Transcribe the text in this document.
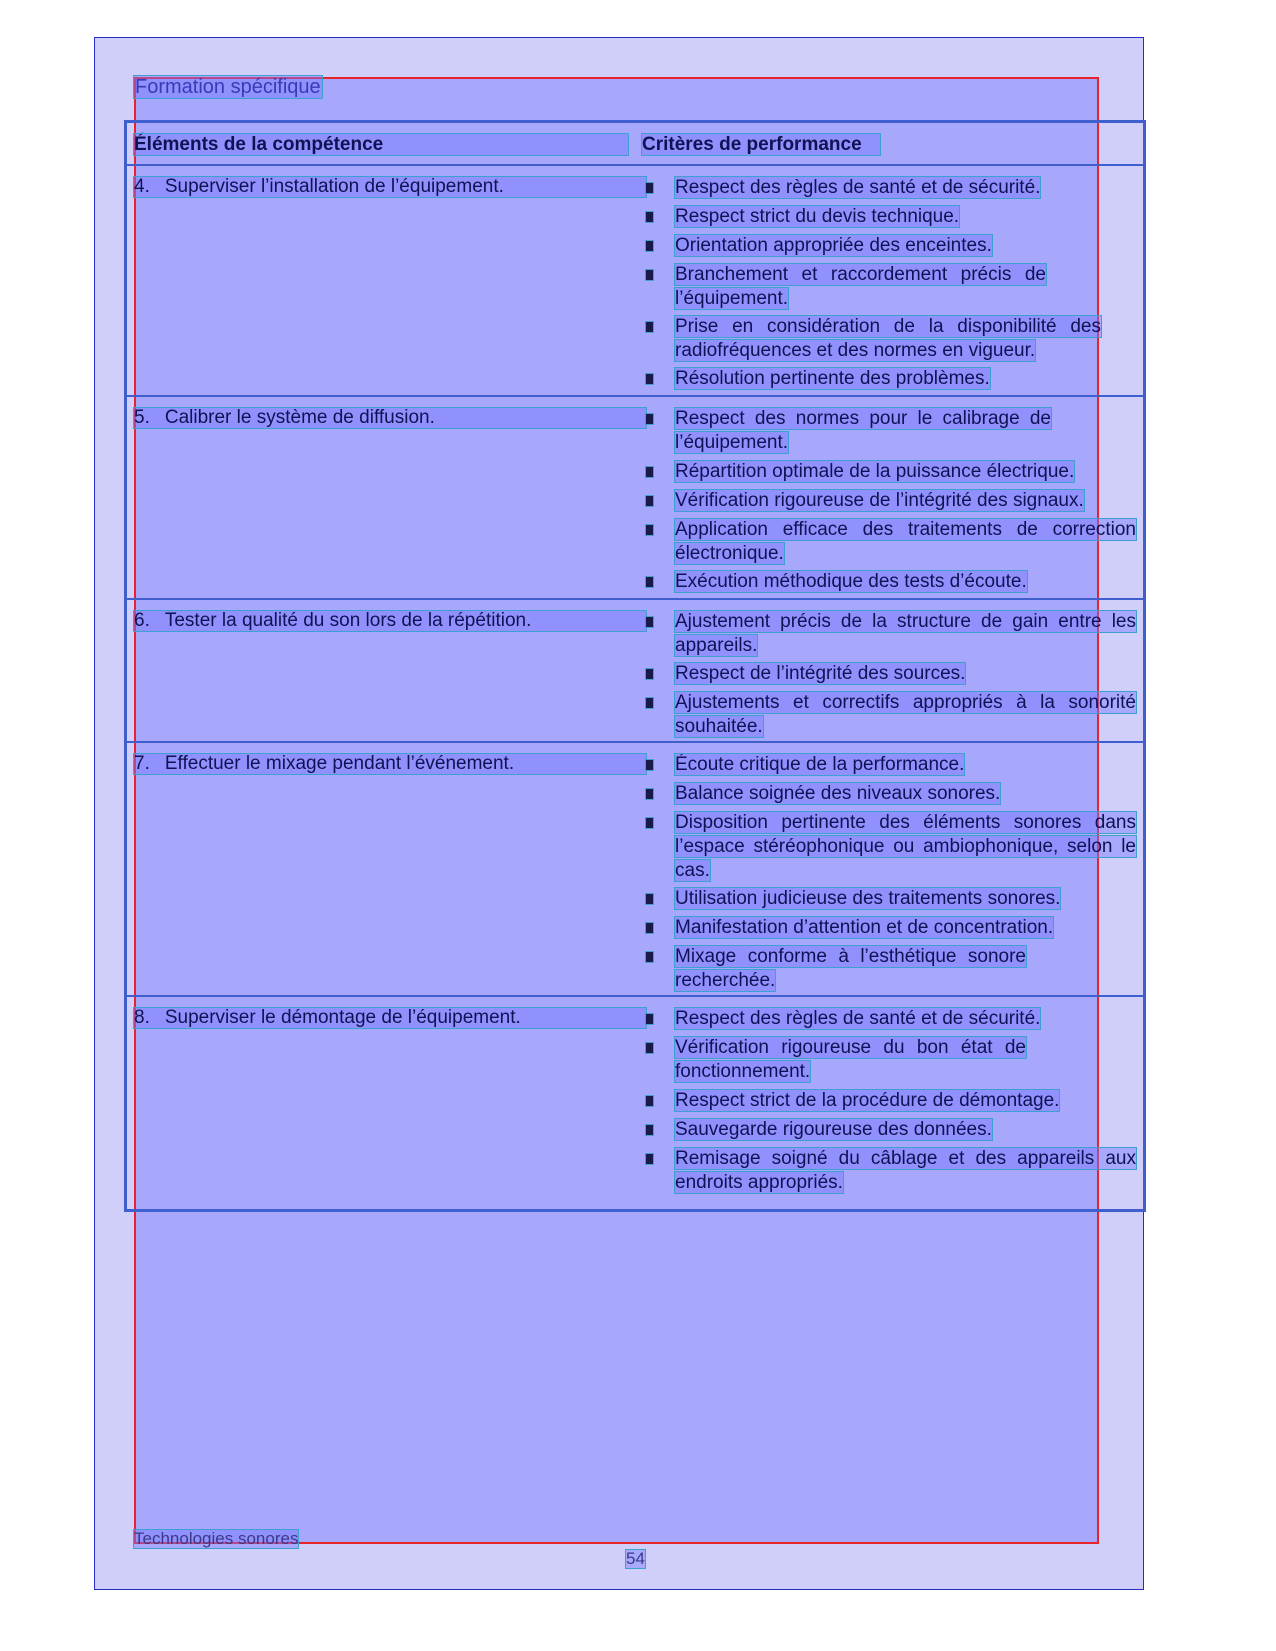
Formation spécifique
Éléments de la compétence	Critères de performance
4. Superviser l’installation de l’équipement.	Respect des règles de santé et de sécurité.
Respect strict du devis technique.
Orientation appropriée des enceintes.
Branchement et raccordement précis de l’équipement.
Prise en considération de la disponibilité des radiofréquences et des normes en vigueur.
Résolution pertinente des problèmes.
5. Calibrer le système de diffusion.	Respect des normes pour le calibrage de l’équipement.
Répartition optimale de la puissance électrique.
Vérification rigoureuse de l’intégrité des signaux.
Application efficace des traitements de correction électronique.
Exécution méthodique des tests d’écoute.
6. Tester la qualité du son lors de la répétition.	Ajustement précis de la structure de gain entre les appareils.
Respect de l’intégrité des sources.
Ajustements et correctifs appropriés à la sonorité souhaitée.
7. Effectuer le mixage pendant l’événement.	Écoute critique de la performance.
Balance soignée des niveaux sonores.
Disposition pertinente des éléments sonores dans l’espace stéréophonique ou ambiophonique, selon le cas.
Utilisation judicieuse des traitements sonores.
Manifestation d’attention et de concentration.
Mixage conforme à l’esthétique sonore recherchée.
8. Superviser le démontage de l’équipement.	Respect des règles de santé et de sécurité.
Vérification rigoureuse du bon état de fonctionnement.
Respect strict de la procédure de démontage.
Sauvegarde rigoureuse des données.
Remisage soigné du câblage et des appareils aux endroits appropriés.
Technologies sonores
54
